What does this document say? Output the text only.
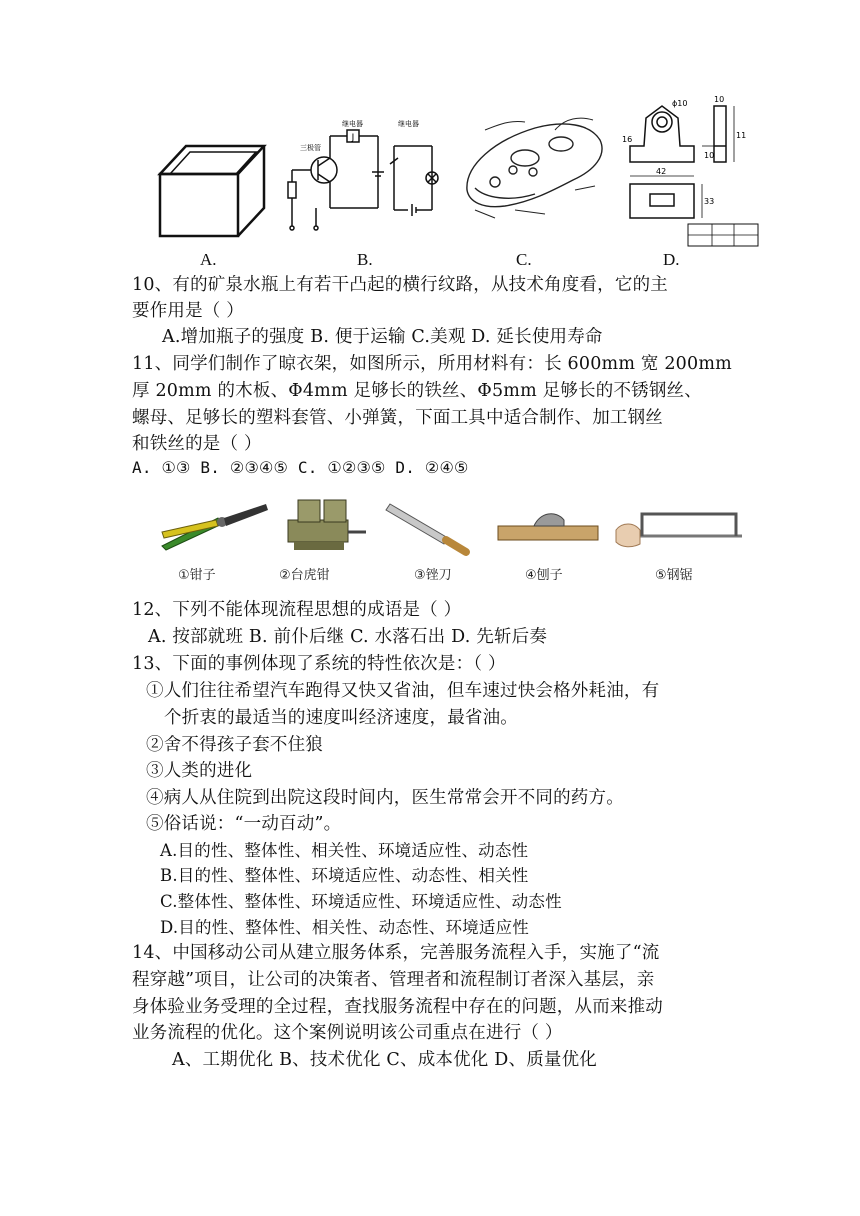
A.
J
三极管
继电器	继电器
B.	C.
ϕ10	10
42
33
11
10
16
D.
10、有的矿泉水瓶上有若干凸起的横行纹路，从技术角度看，它的主
要作用是（ ）
A.增加瓶子的强度 B. 便于运输 C.美观 D. 延长使用寿命
11、同学们制作了晾衣架，如图所示，所用材料有：长 600mm 宽 200mm
厚 20mm 的木板、Φ4mm 足够长的铁丝、Φ5mm 足够长的不锈钢丝、
螺母、足够长的塑料套管、小弹簧，下面工具中适合制作、加工钢丝
和铁丝的是（ ）
A. ①③ B. ②③④⑤ C. ①②③⑤ D. ②④⑤
①钳子	②台虎钳	③锉刀	④刨子	⑤钢锯
12、下列不能体现流程思想的成语是（ ）
A. 按部就班 B. 前仆后继 C. 水落石出 D. 先斩后奏
13、下面的事例体现了系统的特性依次是：（ ）
①人们往往希望汽车跑得又快又省油，但车速过快会格外耗油，有
个折衷的最适当的速度叫经济速度，最省油。
②舍不得孩子套不住狼
③人类的进化
④病人从住院到出院这段时间内，医生常常会开不同的药方。
⑤俗话说：“一动百动”。
A.目的性、整体性、相关性、环境适应性、动态性
B.目的性、整体性、环境适应性、动态性、相关性
C.整体性、整体性、环境适应性、环境适应性、动态性
D.目的性、整体性、相关性、动态性、环境适应性
14、中国移动公司从建立服务体系，完善服务流程入手，实施了“流
程穿越”项目，让公司的决策者、管理者和流程制订者深入基层，亲
身体验业务受理的全过程，查找服务流程中存在的问题，从而来推动
业务流程的优化。这个案例说明该公司重点在进行（ ）
A、工期优化 B、技术优化 C、成本优化 D、质量优化
